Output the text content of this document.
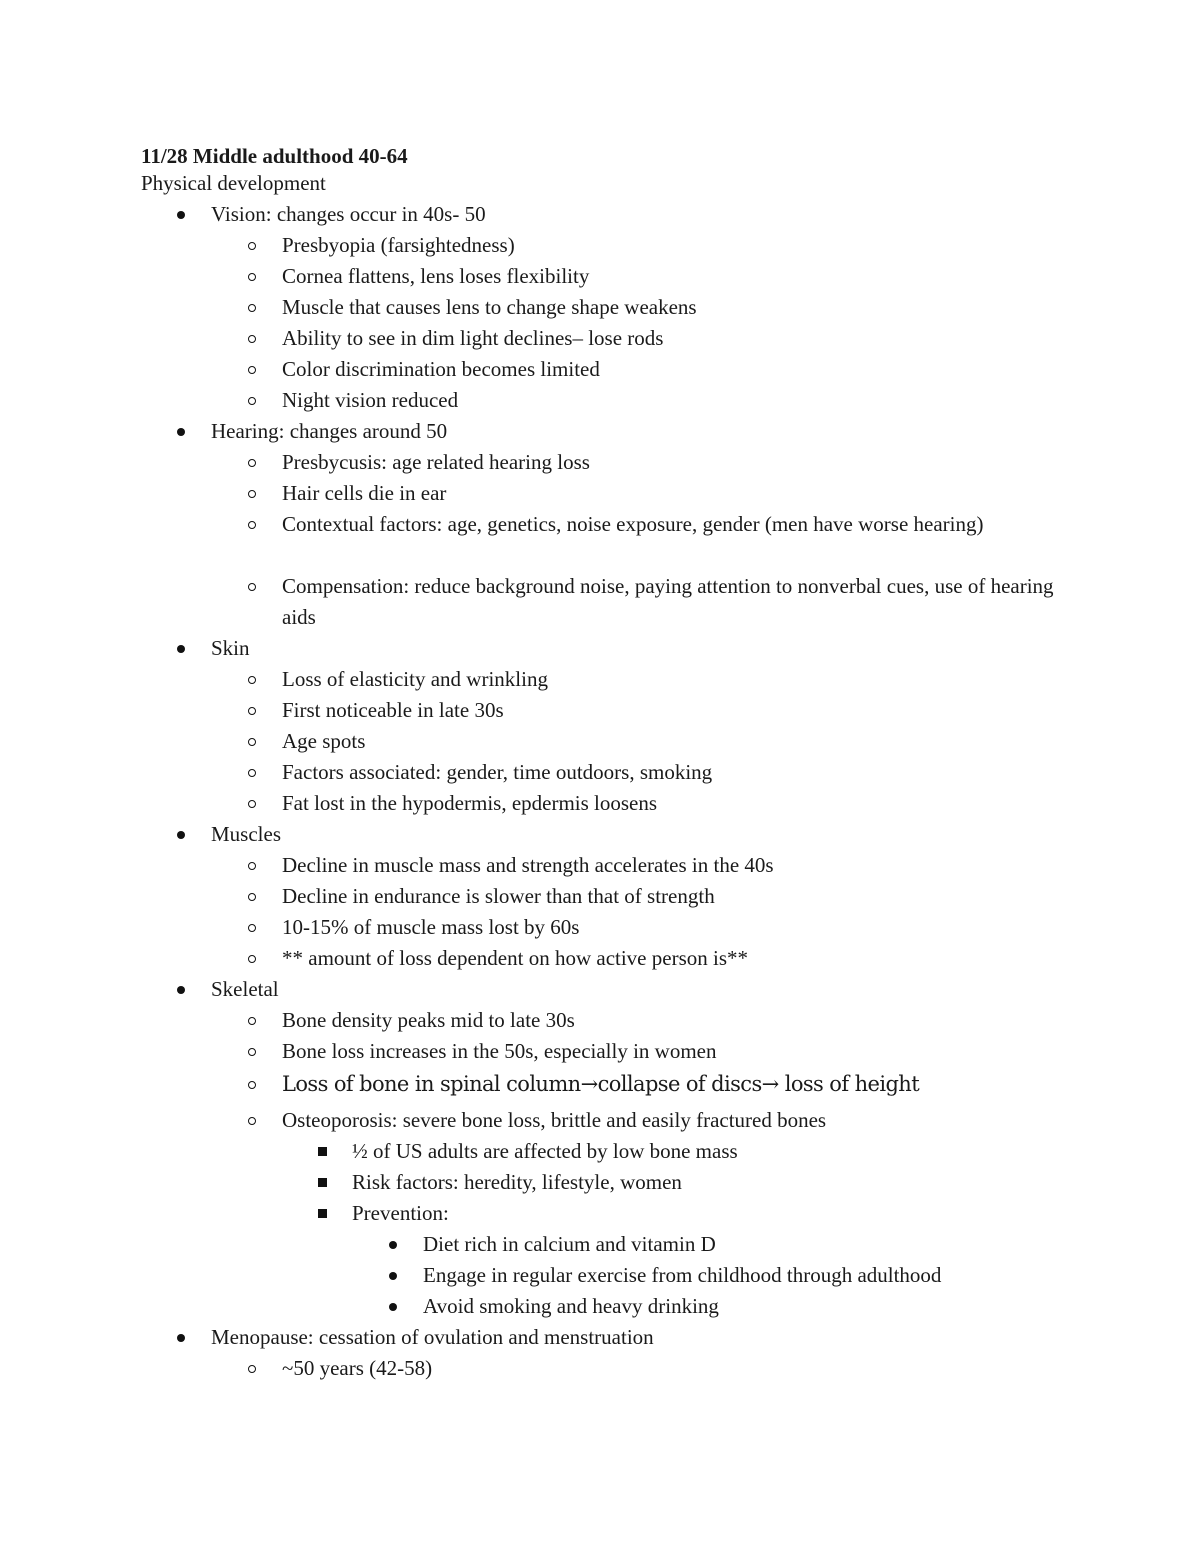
11/28 Middle adulthood 40-64
Physical development
Vision: changes occur in 40s- 50
Presbyopia (farsightedness)
Cornea flattens, lens loses flexibility
Muscle that causes lens to change shape weakens
Ability to see in dim light declines– lose rods
Color discrimination becomes limited
Night vision reduced
Hearing: changes around 50
Presbycusis: age related hearing loss
Hair cells die in ear
Contextual factors: age, genetics, noise exposure, gender (men have worse hearing)
Compensation: reduce background noise, paying attention to nonverbal cues, use of hearing aids
Skin
Loss of elasticity and wrinkling
First noticeable in late 30s
Age spots
Factors associated: gender, time outdoors, smoking
Fat lost in the hypodermis, epdermis loosens
Muscles
Decline in muscle mass and strength accelerates in the 40s
Decline in endurance is slower than that of strength
10-15% of muscle mass lost by 60s
** amount of loss dependent on how active person is**
Skeletal
Bone density peaks mid to late 30s
Bone loss increases in the 50s, especially in women
Loss of bone in spinal column→collapse of discs→ loss of height
Osteoporosis: severe bone loss, brittle and easily fractured bones
½ of US adults are affected by low bone mass
Risk factors: heredity, lifestyle, women
Prevention:
Diet rich in calcium and vitamin D
Engage in regular exercise from childhood through adulthood
Avoid smoking and heavy drinking
Menopause: cessation of ovulation and menstruation
~50 years (42-58)
